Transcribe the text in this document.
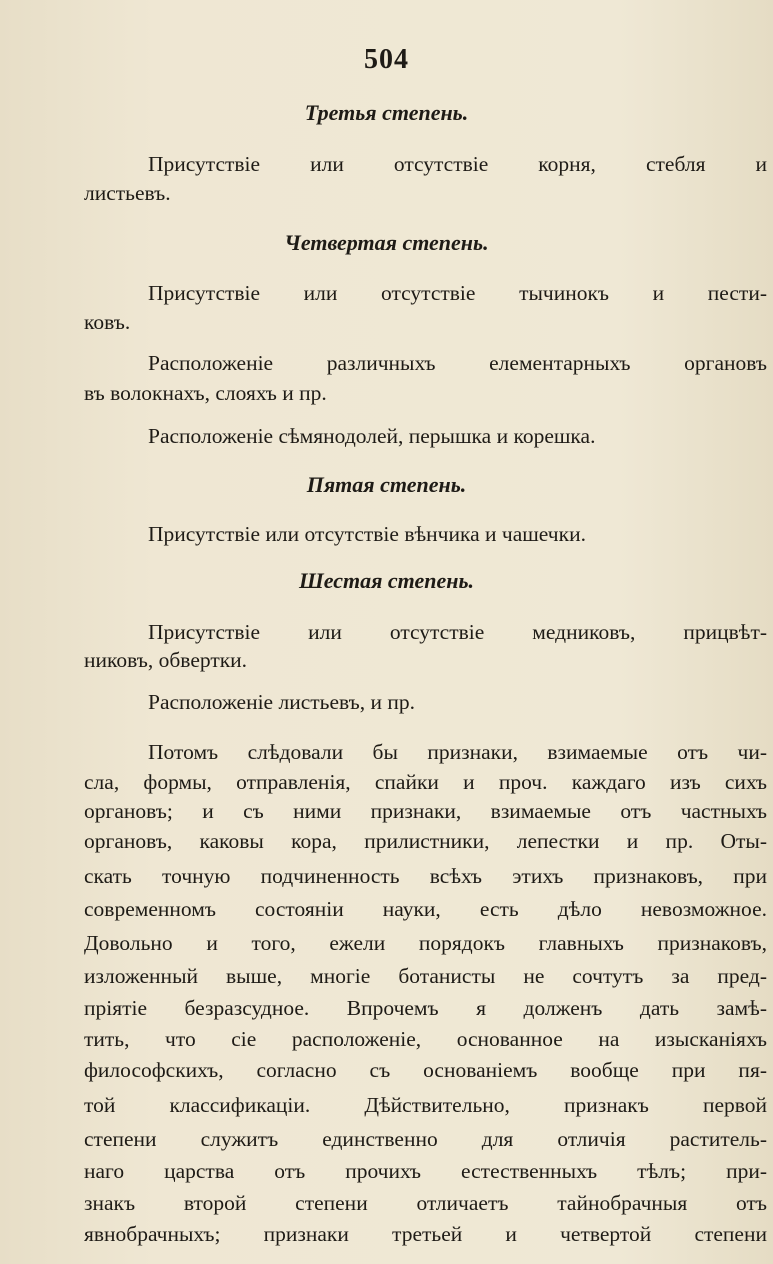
504
Третья степень.
Присутствіе или отсутствіе корня, стебля и
листьевъ.
Четвертая степень.
Присутствіе или отсутствіе тычинокъ и пести-
ковъ.
Расположеніе различныхъ елементарныхъ органовъ
въ волокнахъ, слояхъ и пр.
Расположеніе сѣмянодолей, перышка и корешка.
Пятая степень.
Присутствіе или отсутствіе вѣнчика и чашечки.
Шестая степень.
Присутствіе или отсутствіе медниковъ, прицвѣт-
никовъ, обвертки.
Расположеніе листьевъ, и пр.
Потомъ слѣдовали бы признаки, взимаемые отъ чи-
сла, формы, отправленія, спайки и проч. каждаго изъ сихъ
органовъ; и съ ними признаки, взимаемые отъ частныхъ
органовъ, каковы кора, прилистники, лепестки и пр. Оты-
скать точную подчиненность всѣхъ этихъ признаковъ, при
современномъ состояніи науки, есть дѣло невозможное.
Довольно и того, ежели порядокъ главныхъ признаковъ,
изложенный выше, многіе ботанисты не сочтутъ за пред-
пріятіе безразсудное. Впрочемъ я долженъ дать замѣ-
тить, что сіе расположеніе, основанное на изысканіяхъ
философскихъ, согласно съ основаніемъ вообще при пя-
той классификаціи. Дѣйствительно, признакъ первой
степени служитъ единственно для отличія раститель-
наго царства отъ прочихъ естественныхъ тѣлъ; при-
знакъ второй степени отличаетъ тайнобрачныя отъ
явнобрачныхъ; признаки третьей и четвертой степени
